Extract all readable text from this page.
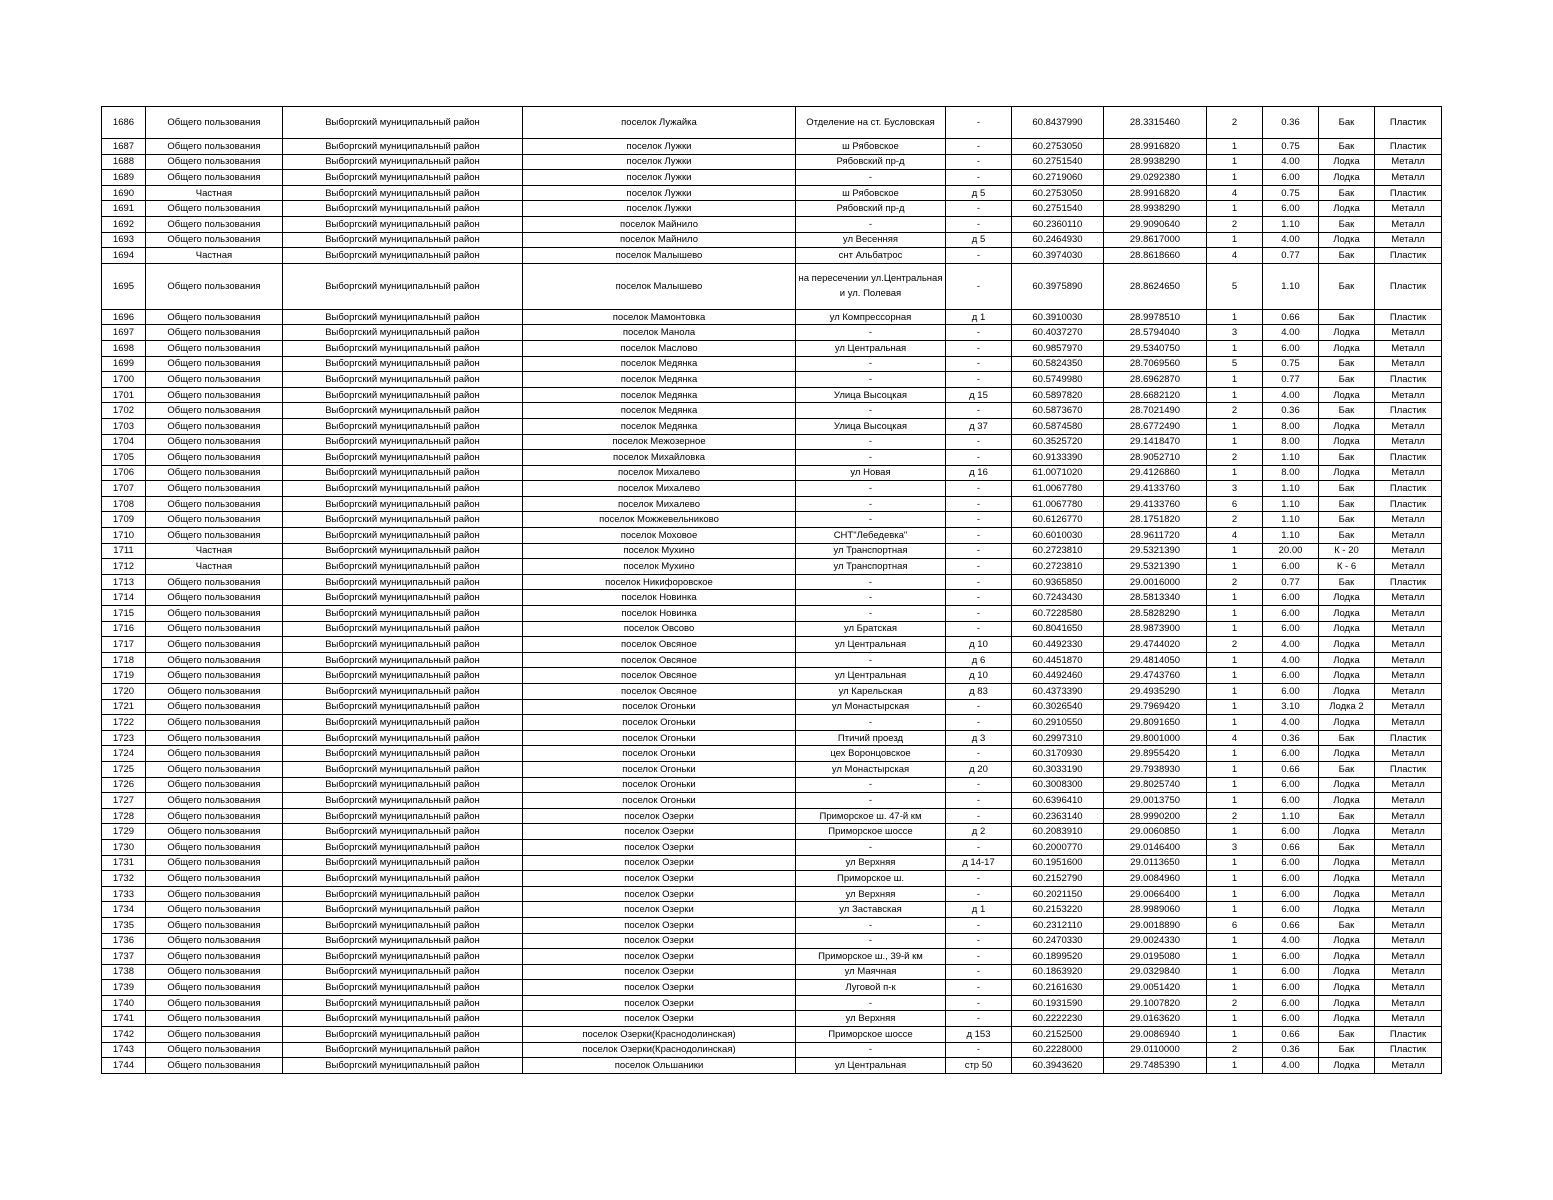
1686	Общего пользования	Выборгский муниципальный район	поселок Лужайка	Отделение на ст. Бусловская	-	60.8437990	28.3315460	2	0.36	Бак	Пластик
1687	Общего пользования	Выборгский муниципальный район	поселок Лужки	ш Рябовское	-	60.2753050	28.9916820	1	0.75	Бак	Пластик
1688	Общего пользования	Выборгский муниципальный район	поселок Лужки	Рябовский пр-д	-	60.2751540	28.9938290	1	4.00	Лодка	Металл
1689	Общего пользования	Выборгский муниципальный район	поселок Лужки	-	-	60.2719060	29.0292380	1	6.00	Лодка	Металл
1690	Частная	Выборгский муниципальный район	поселок Лужки	ш Рябовское	д 5	60.2753050	28.9916820	4	0.75	Бак	Пластик
1691	Общего пользования	Выборгский муниципальный район	поселок Лужки	Рябовский пр-д	-	60.2751540	28.9938290	1	6.00	Лодка	Металл
1692	Общего пользования	Выборгский муниципальный район	поселок Майнило	-	-	60.2360110	29.9090640	2	1.10	Бак	Металл
1693	Общего пользования	Выборгский муниципальный район	поселок Майнило	ул Весенняя	д 5	60.2464930	29.8617000	1	4.00	Лодка	Металл
1694	Частная	Выборгский муниципальный район	поселок Малышево	снт Альбатрос	-	60.3974030	28.8618660	4	0.77	Бак	Пластик
1695	Общего пользования	Выборгский муниципальный район	поселок Малышево	на пересечении ул.Центральная и ул. Полевая	-	60.3975890	28.8624650	5	1.10	Бак	Пластик
1696	Общего пользования	Выборгский муниципальный район	поселок Мамонтовка	ул Компрессорная	д 1	60.3910030	28.9978510	1	0.66	Бак	Пластик
1697	Общего пользования	Выборгский муниципальный район	поселок Манола	-	-	60.4037270	28.5794040	3	4.00	Лодка	Металл
1698	Общего пользования	Выборгский муниципальный район	поселок Маслово	ул Центральная	-	60.9857970	29.5340750	1	6.00	Лодка	Металл
1699	Общего пользования	Выборгский муниципальный район	поселок Медянка	-	-	60.5824350	28.7069560	5	0.75	Бак	Металл
1700	Общего пользования	Выборгский муниципальный район	поселок Медянка	-	-	60.5749980	28.6962870	1	0.77	Бак	Пластик
1701	Общего пользования	Выборгский муниципальный район	поселок Медянка	Улица Высоцкая	д 15	60.5897820	28.6682120	1	4.00	Лодка	Металл
1702	Общего пользования	Выборгский муниципальный район	поселок Медянка	-	-	60.5873670	28.7021490	2	0.36	Бак	Пластик
1703	Общего пользования	Выборгский муниципальный район	поселок Медянка	Улица Высоцкая	д 37	60.5874580	28.6772490	1	8.00	Лодка	Металл
1704	Общего пользования	Выборгский муниципальный район	поселок Межозерное	-	-	60.3525720	29.1418470	1	8.00	Лодка	Металл
1705	Общего пользования	Выборгский муниципальный район	поселок Михайловка	-	-	60.9133390	28.9052710	2	1.10	Бак	Пластик
1706	Общего пользования	Выборгский муниципальный район	поселок Михалево	ул Новая	д 16	61.0071020	29.4126860	1	8.00	Лодка	Металл
1707	Общего пользования	Выборгский муниципальный район	поселок Михалево	-	-	61.0067780	29.4133760	3	1.10	Бак	Пластик
1708	Общего пользования	Выборгский муниципальный район	поселок Михалево	-	-	61.0067780	29.4133760	6	1.10	Бак	Пластик
1709	Общего пользования	Выборгский муниципальный район	поселок Можжевельниково	-	-	60.6126770	28.1751820	2	1.10	Бак	Металл
1710	Общего пользования	Выборгский муниципальный район	поселок Моховое	СНТ"Лебедевка"	-	60.6010030	28.9611720	4	1.10	Бак	Металл
1711	Частная	Выборгский муниципальный район	поселок Мухино	ул Транспортная	-	60.2723810	29.5321390	1	20.00	К - 20	Металл
1712	Частная	Выборгский муниципальный район	поселок Мухино	ул Транспортная	-	60.2723810	29.5321390	1	6.00	К - 6	Металл
1713	Общего пользования	Выборгский муниципальный район	поселок Никифоровское	-	-	60.9365850	29.0016000	2	0.77	Бак	Пластик
1714	Общего пользования	Выборгский муниципальный район	поселок Новинка	-	-	60.7243430	28.5813340	1	6.00	Лодка	Металл
1715	Общего пользования	Выборгский муниципальный район	поселок Новинка	-	-	60.7228580	28.5828290	1	6.00	Лодка	Металл
1716	Общего пользования	Выборгский муниципальный район	поселок Овсово	ул Братская	-	60.8041650	28.9873900	1	6.00	Лодка	Металл
1717	Общего пользования	Выборгский муниципальный район	поселок Овсяное	ул Центральная	д 10	60.4492330	29.4744020	2	4.00	Лодка	Металл
1718	Общего пользования	Выборгский муниципальный район	поселок Овсяное	-	д 6	60.4451870	29.4814050	1	4.00	Лодка	Металл
1719	Общего пользования	Выборгский муниципальный район	поселок Овсяное	ул Центральная	д 10	60.4492460	29.4743760	1	6.00	Лодка	Металл
1720	Общего пользования	Выборгский муниципальный район	поселок Овсяное	ул Карельская	д 83	60.4373390	29.4935290	1	6.00	Лодка	Металл
1721	Общего пользования	Выборгский муниципальный район	поселок Огоньки	ул Монастырская	-	60.3026540	29.7969420	1	3.10	Лодка 2	Металл
1722	Общего пользования	Выборгский муниципальный район	поселок Огоньки	-	-	60.2910550	29.8091650	1	4.00	Лодка	Металл
1723	Общего пользования	Выборгский муниципальный район	поселок Огоньки	Птичий проезд	д 3	60.2997310	29.8001000	4	0.36	Бак	Пластик
1724	Общего пользования	Выборгский муниципальный район	поселок Огоньки	цех Воронцовское	-	60.3170930	29.8955420	1	6.00	Лодка	Металл
1725	Общего пользования	Выборгский муниципальный район	поселок Огоньки	ул Монастырская	д 20	60.3033190	29.7938930	1	0.66	Бак	Пластик
1726	Общего пользования	Выборгский муниципальный район	поселок Огоньки	-	-	60.3008300	29.8025740	1	6.00	Лодка	Металл
1727	Общего пользования	Выборгский муниципальный район	поселок Огоньки	-	-	60.6396410	29.0013750	1	6.00	Лодка	Металл
1728	Общего пользования	Выборгский муниципальный район	поселок Озерки	Приморское ш. 47-й км	-	60.2363140	28.9990200	2	1.10	Бак	Металл
1729	Общего пользования	Выборгский муниципальный район	поселок Озерки	Приморское шоссе	д 2	60.2083910	29.0060850	1	6.00	Лодка	Металл
1730	Общего пользования	Выборгский муниципальный район	поселок Озерки	-	-	60.2000770	29.0146400	3	0.66	Бак	Металл
1731	Общего пользования	Выборгский муниципальный район	поселок Озерки	ул Верхняя	д 14-17	60.1951600	29.0113650	1	6.00	Лодка	Металл
1732	Общего пользования	Выборгский муниципальный район	поселок Озерки	Приморское ш.	-	60.2152790	29.0084960	1	6.00	Лодка	Металл
1733	Общего пользования	Выборгский муниципальный район	поселок Озерки	ул Верхняя	-	60.2021150	29.0066400	1	6.00	Лодка	Металл
1734	Общего пользования	Выборгский муниципальный район	поселок Озерки	ул Заставская	д 1	60.2153220	28.9989060	1	6.00	Лодка	Металл
1735	Общего пользования	Выборгский муниципальный район	поселок Озерки	-	-	60.2312110	29.0018890	6	0.66	Бак	Металл
1736	Общего пользования	Выборгский муниципальный район	поселок Озерки	-	-	60.2470330	29.0024330	1	4.00	Лодка	Металл
1737	Общего пользования	Выборгский муниципальный район	поселок Озерки	Приморское ш., 39-й км	-	60.1899520	29.0195080	1	6.00	Лодка	Металл
1738	Общего пользования	Выборгский муниципальный район	поселок Озерки	ул Маячная	-	60.1863920	29.0329840	1	6.00	Лодка	Металл
1739	Общего пользования	Выборгский муниципальный район	поселок Озерки	Луговой п-к	-	60.2161630	29.0051420	1	6.00	Лодка	Металл
1740	Общего пользования	Выборгский муниципальный район	поселок Озерки	-	-	60.1931590	29.1007820	2	6.00	Лодка	Металл
1741	Общего пользования	Выборгский муниципальный район	поселок Озерки	ул Верхняя	-	60.2222230	29.0163620	1	6.00	Лодка	Металл
1742	Общего пользования	Выборгский муниципальный район	поселок Озерки(Краснодолинская)	Приморское шоссе	д 153	60.2152500	29.0086940	1	0.66	Бак	Пластик
1743	Общего пользования	Выборгский муниципальный район	поселок Озерки(Краснодолинская)	-	-	60.2228000	29.0110000	2	0.36	Бак	Пластик
1744	Общего пользования	Выборгский муниципальный район	поселок Ольшаники	ул Центральная	стр 50	60.3943620	29.7485390	1	4.00	Лодка	Металл
